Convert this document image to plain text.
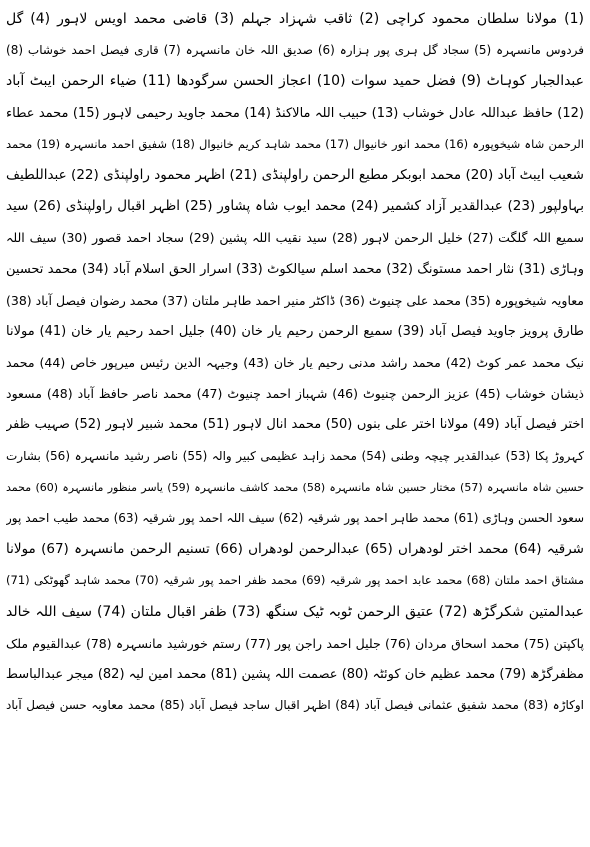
(1) مولانا سلطان محمود کراچی (2) ثاقب شہزاد جہلم (3) قاضی محمد اویس لاہور (4) گل
فردوس مانسہرہ (5) سجاد گل ہری پور ہزارہ (6) صدیق اللہ خان مانسہرہ (7) قاری فیصل احمد خوشاب (8)
عبدالجبار کوہاٹ (9) فضل حمید سوات (10) اعجاز الحسن سرگودھا (11) ضیاء الرحمن ایبٹ آباد
(12) حافظ عبداللہ عادل خوشاب (13) حبیب اللہ مالاکنڈ (14) محمد جاوید رحیمی لاہور (15) محمد عطاء
الرحمن شاہ شیخوپورہ (16) محمد انور خانیوال (17) محمد شاہد کریم خانیوال (18) شفیق احمد مانسہرہ (19) محمد
شعیب ایبٹ آباد (20) محمد ابوبکر مطیع الرحمن راولپنڈی (21) اظہر محمود راولپنڈی (22) عبداللطیف
بہاولپور (23) عبدالقدیر آزاد کشمیر (24) محمد ایوب شاہ پشاور (25) اظہر اقبال راولپنڈی (26) سید
سمیع اللہ گلگت (27) خلیل الرحمن لاہور (28) سید نقیب اللہ پشین (29) سجاد احمد قصور (30) سیف اللہ
وہاڑی (31) نثار احمد مستونگ (32) محمد اسلم سیالکوٹ (33) اسرار الحق اسلام آباد (34) محمد تحسین
معاویہ شیخوپورہ (35) محمد علی چنیوٹ (36) ڈاکٹر منیر احمد طاہر ملتان (37) محمد رضوان فیصل آباد (38)
طارق پرویز جاوید فیصل آباد (39) سمیع الرحمن رحیم یار خان (40) جلیل احمد رحیم یار خان (41) مولانا
نیک محمد عمر کوٹ (42) محمد راشد مدنی رحیم یار خان (43) وجیہہ الدین رئیس میرپور خاص (44) محمد
ذیشان خوشاب (45) عزیز الرحمن چنیوٹ (46) شہباز احمد چنیوٹ (47) محمد ناصر حافظ آباد (48) مسعود
اختر فیصل آباد (49) مولانا اختر علی بنوں (50) محمد انال لاہور (51) محمد شبیر لاہور (52) صہیب ظفر
کہروڑ پکا (53) عبدالقدیر چیچہ وطنی (54) محمد زاہد عظیمی کبیر والہ (55) ناصر رشید مانسہرہ (56) بشارت
حسین شاہ مانسہرہ (57) مختار حسین شاہ مانسہرہ (58) محمد کاشف مانسہرہ (59) یاسر منظور مانسہرہ (60) محمد
سعود الحسن وہاڑی (61) محمد طاہر احمد پور شرقیہ (62) سیف اللہ احمد پور شرقیہ (63) محمد طیب احمد پور
شرقیہ (64) محمد اختر لودھراں (65) عبدالرحمن لودھراں (66) تسنیم الرحمن مانسہرہ (67) مولانا
مشتاق احمد ملتان (68) محمد عابد احمد پور شرقیہ (69) محمد ظفر احمد پور شرقیہ (70) محمد شاہد گھوٹکی (71)
عبدالمتین شکرگڑھ (72) عتیق الرحمن ٹوبہ ٹیک سنگھ (73) ظفر اقبال ملتان (74) سیف اللہ خالد
پاکپتن (75) محمد اسحاق مردان (76) جلیل احمد راجن پور (77) رستم خورشید مانسہرہ (78) عبدالقیوم ملک
مظفرگڑھ (79) محمد عظیم خان کوئٹہ (80) عصمت اللہ پشین (81) محمد امین لیہ (82) میجر عبدالباسط
اوکاڑہ (83) محمد شفیق عثمانی فیصل آباد (84) اظہر اقبال ساجد فیصل آباد (85) محمد معاویہ حسن فیصل آباد
